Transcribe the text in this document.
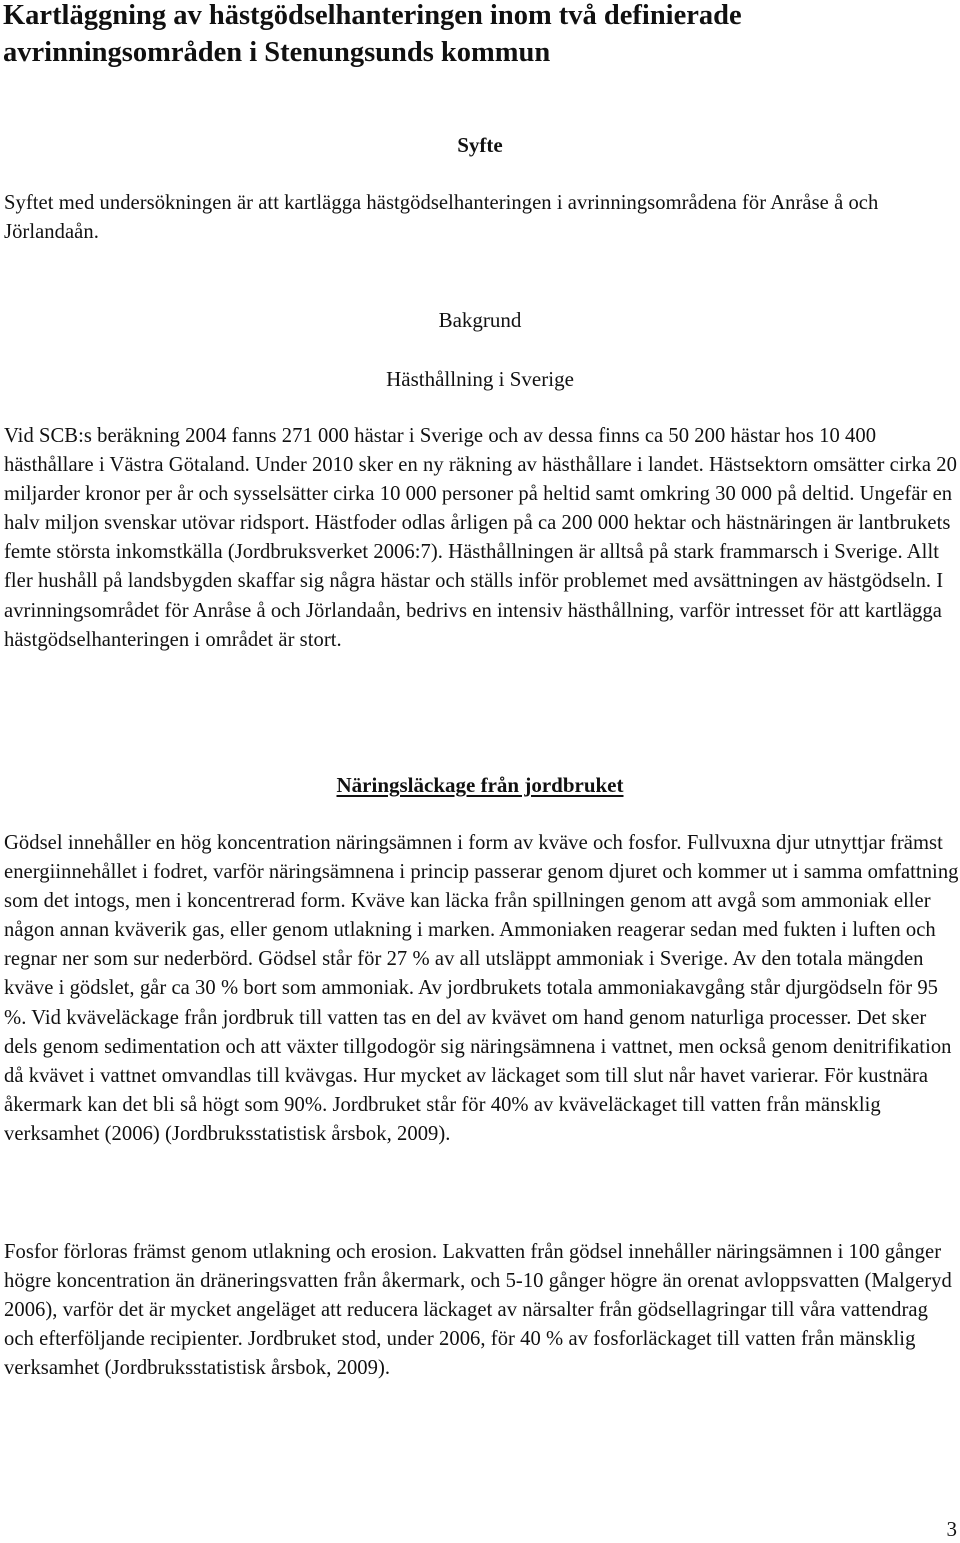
Kartläggning av hästgödselhanteringen inom två definierade avrinningsområden i Stenungsunds kommun
Syfte

Syftet med undersökningen är att kartlägga hästgödselhanteringen i avrinningsområdena för Anråse å och Jörlandaån.

Bakgrund
Hästhållning i Sverige

Vid SCB:s beräkning 2004 fanns 271 000 hästar i Sverige och av dessa finns ca 50 200 hästar hos 10 400 hästhållare i Västra Götaland. Under 2010 sker en ny räkning av hästhållare i landet. Hästsektorn omsätter cirka 20 miljarder kronor per år och sysselsätter cirka 10 000 personer på heltid samt omkring 30 000 på deltid. Ungefär en halv miljon svenskar utövar ridsport. Hästfoder odlas årligen på ca 200 000 hektar och hästnäringen är lantbrukets femte största inkomstkälla (Jordbruksverket 2006:7). Hästhållningen är alltså på stark frammarsch i Sverige. Allt fler hushåll på landsbygden skaffar sig några hästar och ställs inför problemet med avsättningen av hästgödseln. I avrinningsområdet för Anråse å och Jörlandaån, bedrivs en intensiv hästhållning, varför intresset för att kartlägga hästgödselhanteringen i området är stort.

Näringsläckage från jordbruket

Gödsel innehåller en hög koncentration näringsämnen i form av kväve och fosfor. Fullvuxna djur utnyttjar främst energiinnehållet i fodret, varför näringsämnena i princip passerar genom djuret och kommer ut i samma omfattning som det intogs, men i koncentrerad form. Kväve kan läcka från spillningen genom att avgå som ammoniak eller någon annan kväverik gas, eller genom utlakning i marken. Ammoniaken reagerar sedan med fukten i luften och regnar ner som sur nederbörd. Gödsel står för 27 % av all utsläppt ammoniak i Sverige. Av den totala mängden kväve i gödslet, går ca 30 % bort som ammoniak. Av jordbrukets totala ammoniakavgång står djurgödseln för 95 %. Vid kväveläckage från jordbruk till vatten tas en del av kvävet om hand genom naturliga processer. Det sker dels genom sedimentation och att växter tillgodogör sig näringsämnena i vattnet, men också genom denitrifikation då kvävet i vattnet omvandlas till kvävgas. Hur mycket av läckaget som till slut når havet varierar. För kustnära åkermark kan det bli så högt som 90%. Jordbruket står för 40% av kväveläckaget till vatten från mänsklig verksamhet (2006) (Jordbruksstatistisk årsbok, 2009).

Fosfor förloras främst genom utlakning och erosion. Lakvatten från gödsel innehåller näringsämnen i 100 gånger högre koncentration än dräneringsvatten från åkermark, och 5-10 gånger högre än orenat avloppsvatten (Malgeryd 2006), varför det är mycket angeläget att reducera läckaget av närsalter från gödsellagringar till våra vattendrag och efterföljande recipienter. Jordbruket stod, under 2006, för 40 % av fosforläckaget till vatten från mänsklig verksamhet (Jordbruksstatistisk årsbok, 2009).

3
